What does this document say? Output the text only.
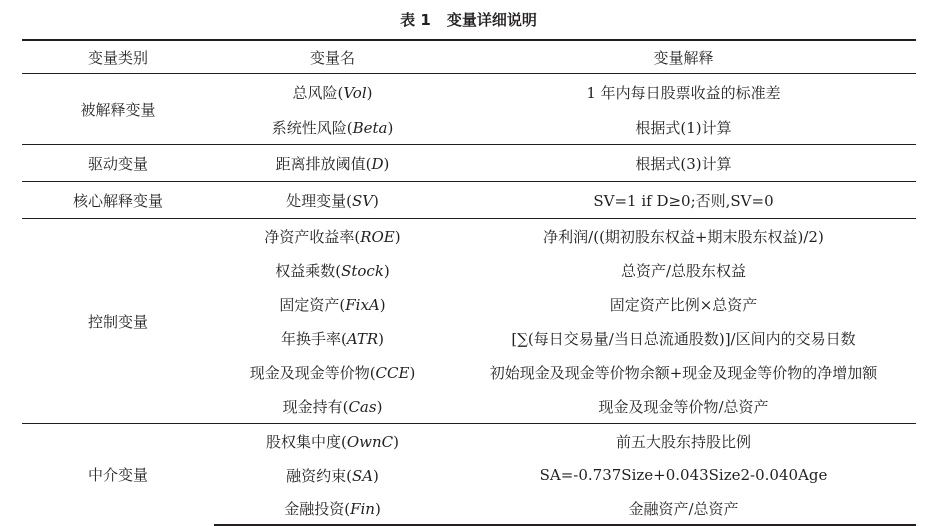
表 1 变量详细说明
变量类别	变量名	变量解释
被解释变量	总风险(Vol)	1 年内每日股票收益的标准差
	系统性风险(Beta)	根据式(1)计算
驱动变量	距离排放阈值(D)	根据式(3)计算
核心解释变量	处理变量(SV)	SV=1 if D≥0;否则,SV=0
控制变量	净资产收益率(ROE)	净利润/((期初股东权益+期末股东权益)/2)
	权益乘数(Stock)	总资产/总股东权益
	固定资产(FixA)	固定资产比例×总资产
	年换手率(ATR)	[∑(每日交易量/当日总流通股数)]/区间内的交易日数
	现金及现金等价物(CCE)	初始现金及现金等价物余额+现金及现金等价物的净增加额
	现金持有(Cas)	现金及现金等价物/总资产
中介变量	股权集中度(OwnC)	前五大股东持股比例
	融资约束(SA)	SA=-0.737Size+0.043Size2-0.040Age
	金融投资(Fin)	金融资产/总资产
